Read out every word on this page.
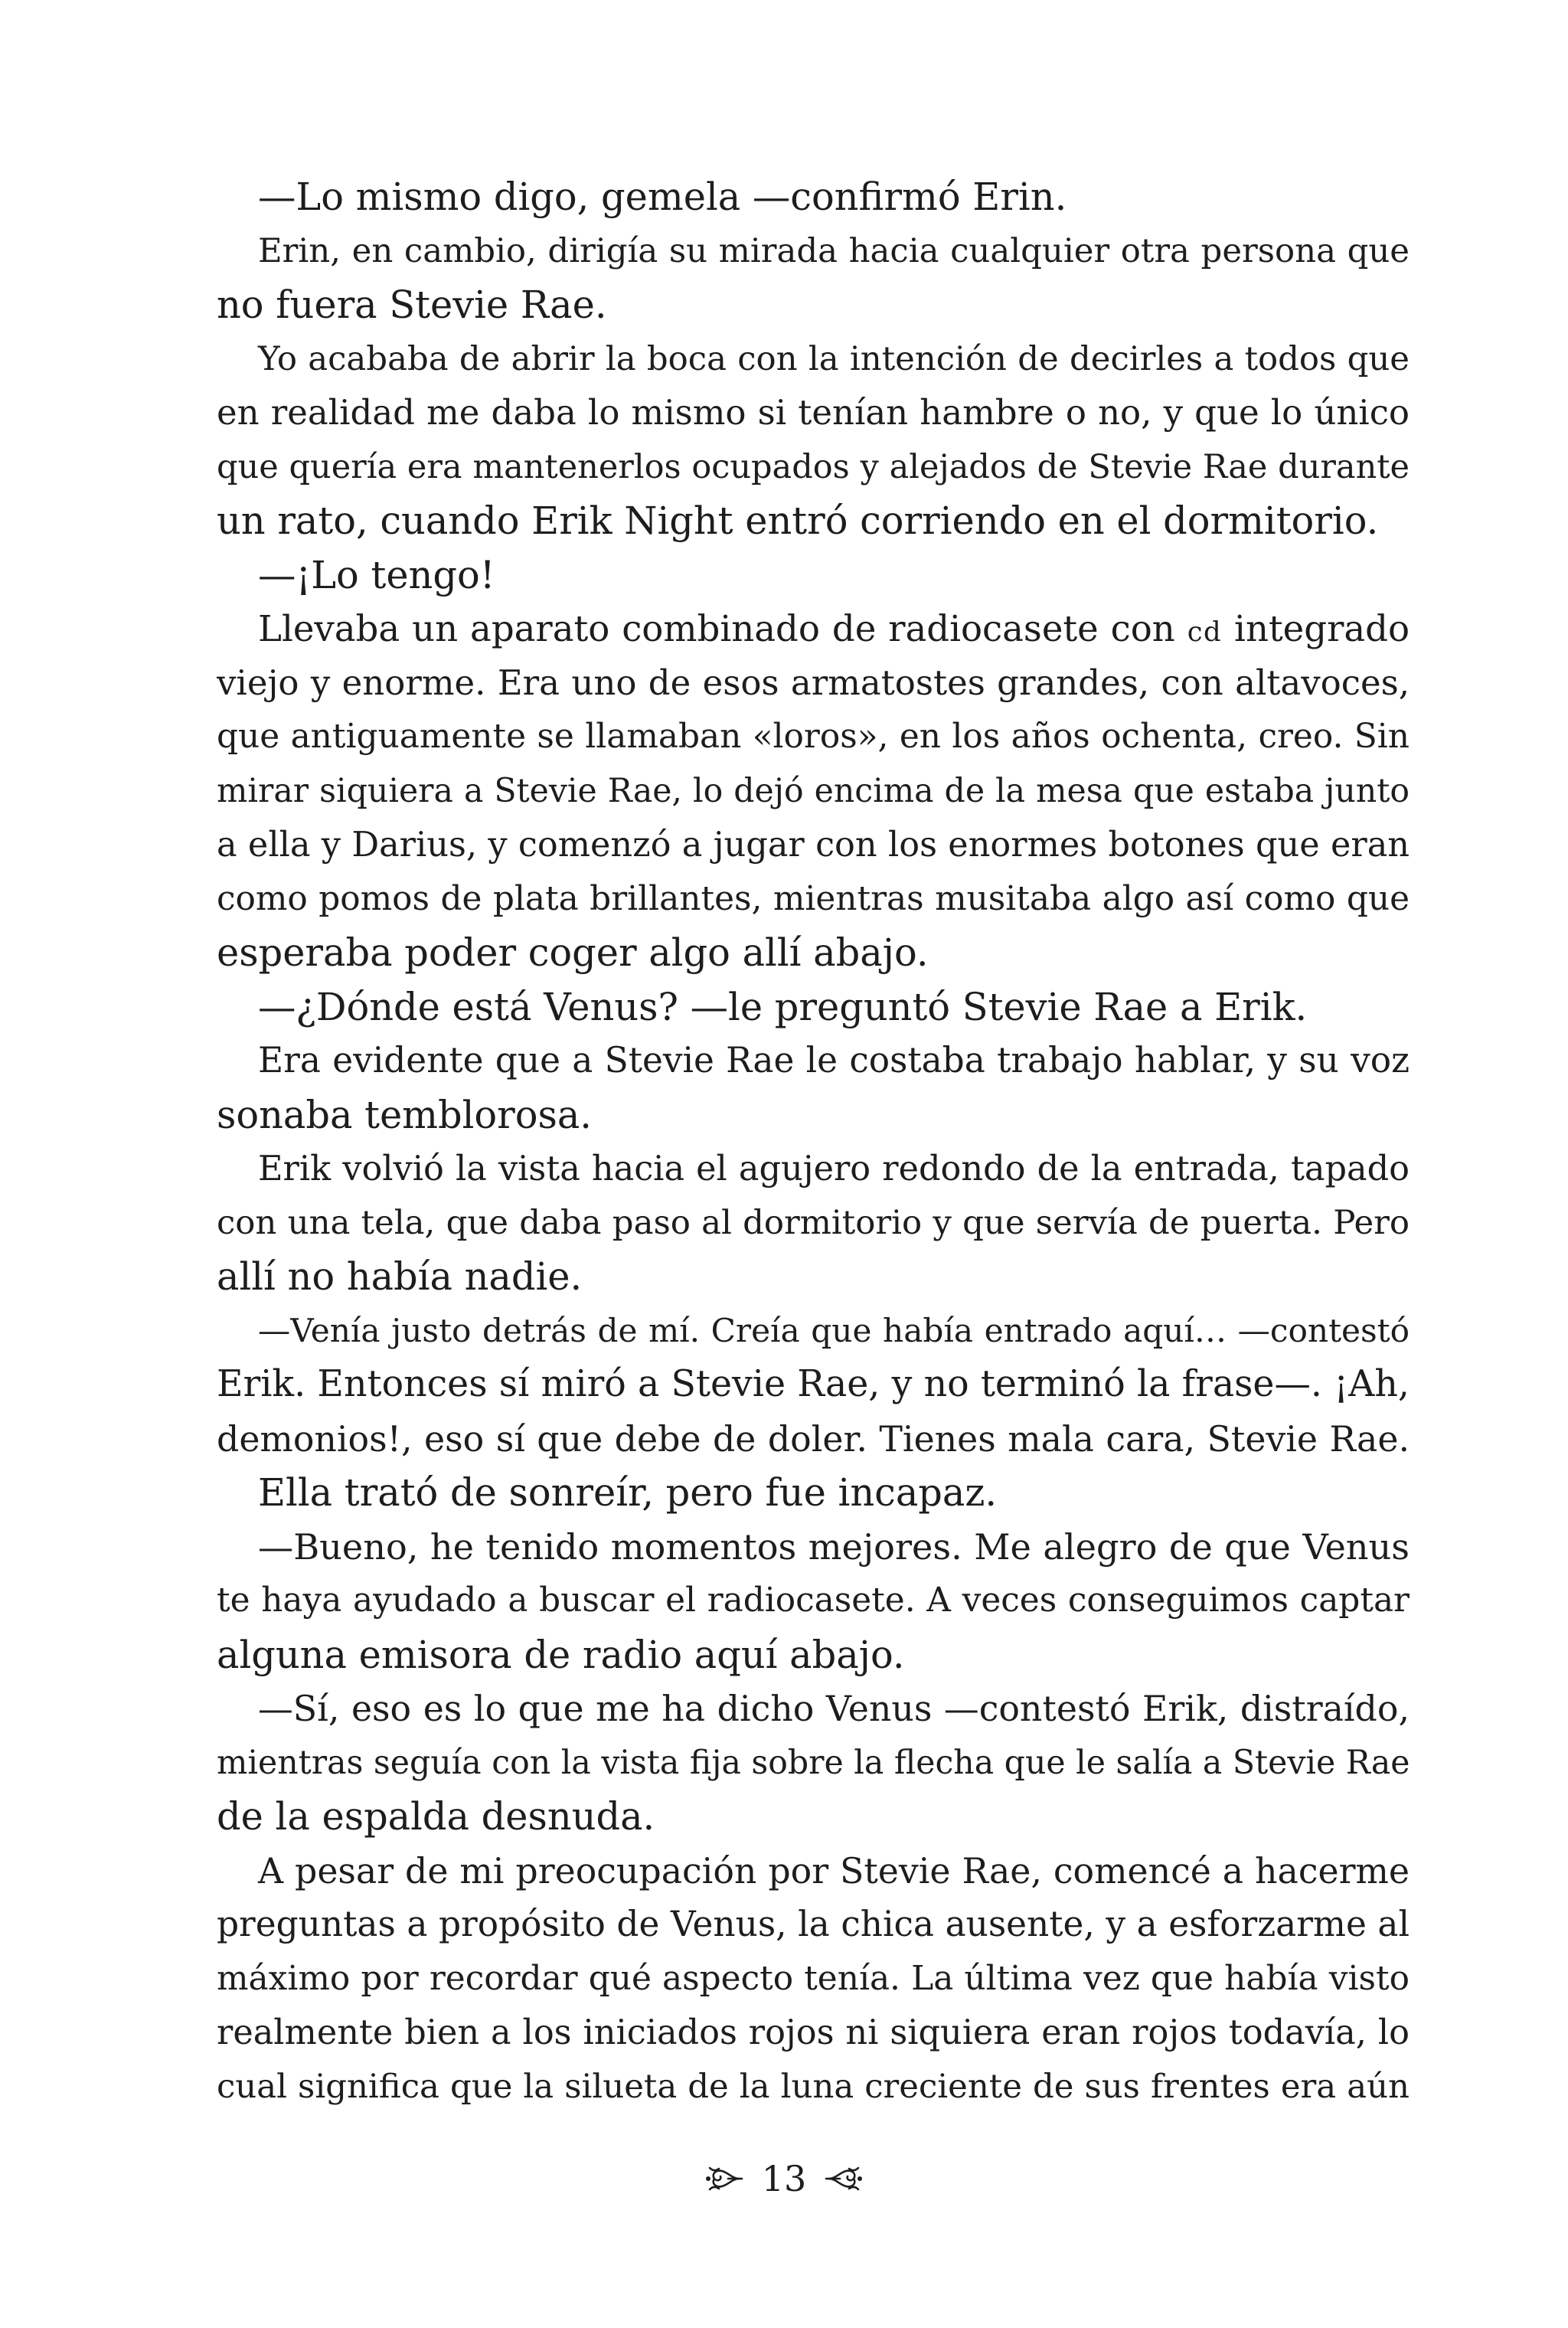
—Lo mismo digo, gemela —confirmó Erin.
Erin, en cambio, dirigía su mirada hacia cualquier otra persona que
no fuera Stevie Rae.
Yo acababa de abrir la boca con la intención de decirles a todos que
en realidad me daba lo mismo si tenían hambre o no, y que lo único
que quería era mantenerlos ocupados y alejados de Stevie Rae durante
un rato, cuando Erik Night entró corriendo en el dormitorio.
—¡Lo tengo!
Llevaba un aparato combinado de radiocasete con cd integrado
viejo y enorme. Era uno de esos armatostes grandes, con altavoces,
que antiguamente se llamaban «loros», en los años ochenta, creo. Sin
mirar siquiera a Stevie Rae, lo dejó encima de la mesa que estaba junto
a ella y Darius, y comenzó a jugar con los enormes botones que eran
como pomos de plata brillantes, mientras musitaba algo así como que
esperaba poder coger algo allí abajo.
—¿Dónde está Venus? —le preguntó Stevie Rae a Erik.
Era evidente que a Stevie Rae le costaba trabajo hablar, y su voz
sonaba temblorosa.
Erik volvió la vista hacia el agujero redondo de la entrada, tapado
con una tela, que daba paso al dormitorio y que servía de puerta. Pero
allí no había nadie.
—Venía justo detrás de mí. Creía que había entrado aquí… —contestó
Erik. Entonces sí miró a Stevie Rae, y no terminó la frase—. ¡Ah,
demonios!, eso sí que debe de doler. Tienes mala cara, Stevie Rae.
Ella trató de sonreír, pero fue incapaz.
—Bueno, he tenido momentos mejores. Me alegro de que Venus
te haya ayudado a buscar el radiocasete. A veces conseguimos captar
alguna emisora de radio aquí abajo.
—Sí, eso es lo que me ha dicho Venus —contestó Erik, distraído,
mientras seguía con la vista fija sobre la flecha que le salía a Stevie Rae
de la espalda desnuda.
A pesar de mi preocupación por Stevie Rae, comencé a hacerme
preguntas a propósito de Venus, la chica ausente, y a esforzarme al
máximo por recordar qué aspecto tenía. La última vez que había visto
realmente bien a los iniciados rojos ni siquiera eran rojos todavía, lo
cual significa que la silueta de la luna creciente de sus frentes era aún
13
